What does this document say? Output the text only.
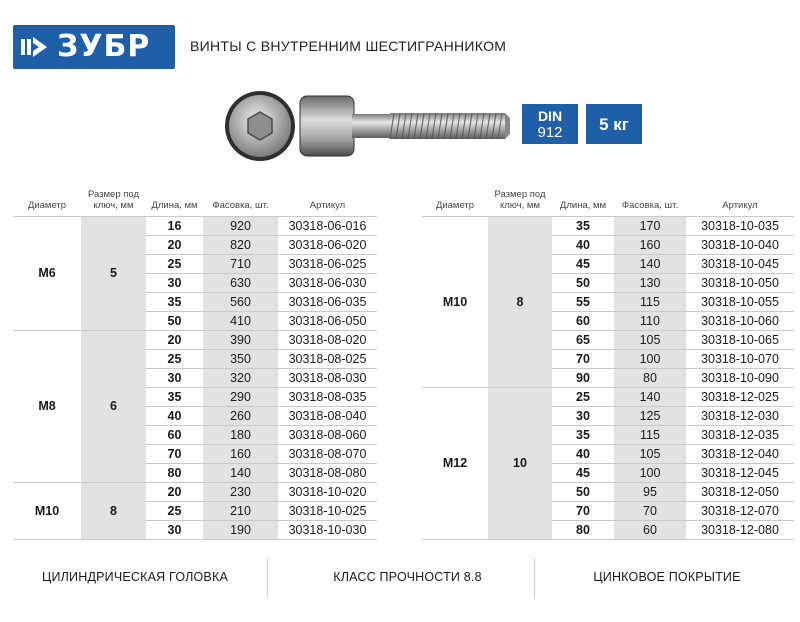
ЗУБР	ВИНТЫ С ВНУТРЕННИМ ШЕСТИГРАННИКОМ
DIN
912	5 кг
Диаметр	Размер под ключ, мм	Длина, мм	Фасовка, шт.	Артикул
M6	5	16	920	30318-06-016
		20	820	30318-06-020
		25	710	30318-06-025
		30	630	30318-06-030
		35	560	30318-06-035
		50	410	30318-06-050
M8	6	20	390	30318-08-020
		25	350	30318-08-025
		30	320	30318-08-030
		35	290	30318-08-035
		40	260	30318-08-040
		60	180	30318-08-060
		70	160	30318-08-070
		80	140	30318-08-080
M10	8	20	230	30318-10-020
		25	210	30318-10-025
		30	190	30318-10-030
Диаметр	Размер под ключ, мм	Длина, мм	Фасовка, шт.	Артикул
M10	8	35	170	30318-10-035
		40	160	30318-10-040
		45	140	30318-10-045
		50	130	30318-10-050
		55	115	30318-10-055
		60	110	30318-10-060
		65	105	30318-10-065
		70	100	30318-10-070
		90	80	30318-10-090
M12	10	25	140	30318-12-025
		30	125	30318-12-030
		35	115	30318-12-035
		40	105	30318-12-040
		45	100	30318-12-045
		50	95	30318-12-050
		70	70	30318-12-070
		80	60	30318-12-080
ЦИЛИНДРИЧЕСКАЯ ГОЛОВКА	КЛАСС ПРОЧНОСТИ 8.8	ЦИНКОВОЕ ПОКРЫТИЕ
